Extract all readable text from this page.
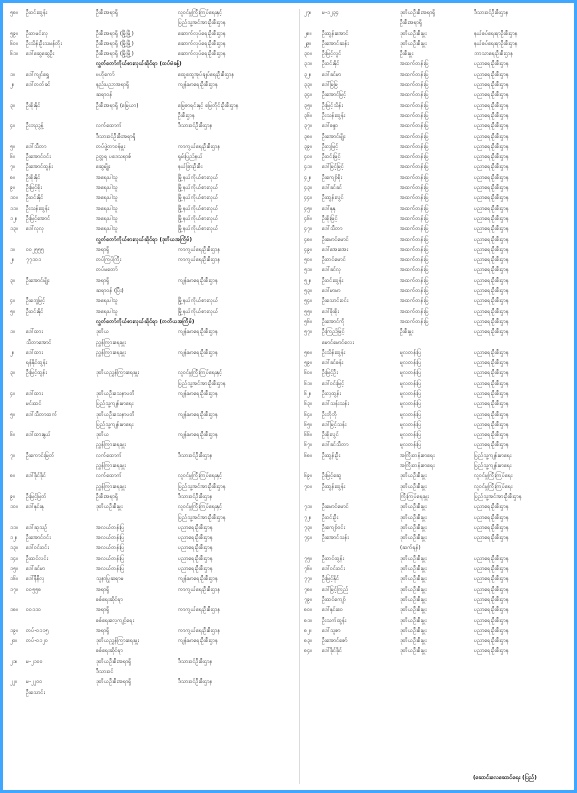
၅၈။	ဦးဝင်းထွန်း	ဦးစီးအရာရှိ	လူဝင်မှုကြီးကြပ်ရေးနှင့်
ပြည်သူ့အင်အားဦးစီးဌာန
၅၉။	ဦးတမင်းလှ	ဦးစီးအရာရှိ (မြို့မြို့)	ဆောက်လုပ်ရေးဦးစီးဌာန
၆၀။	ဦးသိန်းဦးသမန်တိုး	ဦးစီးအရာရှိ (မြို့မြို့)	ဆောက်လုပ်ရေးဦးစီးဌာန
၆၁။	ဒေါ်ဆွေဆွေဦး	ဦးစီးအရာရှိ (မြို့မြို့)	ဆောက်လုပ်ရေးဦးစီးဌာန
လွှတ်တော်ကိုယ်စားလှယ်ဆိုင်ရာ (ထပ်မံခန့်)
၁။	ဒေါ်ကျင်ရွှေ	ဗဟိုကော်	ထွေထွေအုပ်ချုပ်ရေးဦးစီးဌာန
၂။	ဒေါ်တတ်ခင်	နည်းပညာအရာရှိ	ကျန်းမာရေးဦးစီးဌာန
ဆရာဝန်
၃။	ဦးစိုးနိုင်	ဦးစီးအရာရှိ (မြေယာ)	မြေစာရင်းနှင့် မြေတိုင်းဦးစီးဌာန
ဦးစီးဌာန
၄။	ဦးဘညွန့်	လက်ထောက်	ဒီသားဝင်ဦးစီးဌာန
ဒီသားဝင်ဦးစီးအရာရှိ
၅။	ဒေါ်သီတာ	တပ်ဖွဲ့တာဝန်မှူး	ကာကွယ်ရေးဦးစီးဌာန
၆။	ဦးအောင်ဝင်း	ဥတ္တရ ပဒေသရာဇ်	ရှမ်းပြည်နယ်
၇။	ဦးအောင်ထွန်း	ဆွေမျိုး	နယ်ခြားဦးစီး
၈။	ဦးစိုးနိုင်	အရေးပါသူ	မြို့နယ်ကိုယ်စားလှယ်
၉။	ဦးမြင့်စိုး	အရေးပါသူ	မြို့နယ်ကိုယ်စားလှယ်
၁၀။	ဦးဝင်းနိုင်	အရေးပါသူ	မြို့နယ်ကိုယ်စားလှယ်
၁၁။	ဦးသန်းထွန်း	အရေးပါသူ	မြို့နယ်ကိုယ်စားလှယ်
၁၂။	ဦးမြင့်အောင်	အရေးပါသူ	မြို့နယ်ကိုယ်စားလှယ်
၁၃။	ဒေါ်လှလှ	အရေးပါသူ	မြို့နယ်ကိုယ်စားလှယ်
လွှတ်တော်ကိုယ်စားလှယ်ဆိုင်ရာ (ဒုတိယအကြိမ်)
၁။	၀၀၂၅၅၅	အရာရှိ	ကာကွယ်ရေးဦးစီးဌာန
၂။	၇၇၁၀၁	တပ်ကြပ်ကြီး	ကာကွယ်ရေးဦးစီးဌာန
တပ်မတော်
၃။	ဦးအောင်မျိုး	အရာရှိ	ကျန်းမာရေးဦးစီးဌာန
ဆရာဝန် (ပြီး)
၄။	ဦးဘွေမြင့်	အရေးပါသူ	မြို့နယ်ကိုယ်စားလှယ်
၅။	ဦးဝင်းနိုင်	အရေးပါသူ	မြို့နယ်ကိုယ်စားလှယ်
လွှတ်တော်ကိုယ်စားလှယ်ဆိုင်ရာ (တတိယအကြိမ်)
၁။	ဒေါ်ထား	ဒုတိယ	ကျန်းမာရေးဦးစီးဌာန
သီတာအောင်	ညွှန်ကြားရေးမှူး
၂။	ဒေါ်ထား	ညွှန်ကြားရေးမှူး	ကျန်းမာရေးဦးစီးဌာန
ရန်နိုင်ထွန်း
၃။	ဦးမြင့်ထွန်း	ဒုတိယညွှန်ကြားရေးမှူး	လူဝင်မှုကြီးကြပ်ရေးနှင့်
ပြည်သူ့အင်အားဦးစီးဌာန
၄။	ဒေါ်ထား	ဒုတိယဦးသေနာပတိ	ကျန်းမာရေးဦးစီးဌာန
မင်းထင်	ပြည်သူ့ကျန်းမာရေး
၅။	ဒေါ်သီတာထက်	ဒုတိယဦးသေနာပတိ	ကျန်းမာရေးဦးစီးဌာန
ပြည်သူ့ကျန်းမာရေး
၆။	ဒေါ်ထားနွယ်	ဒုတိယ	ကျန်းမာရေးဦးစီးဌာန
ညွှန်ကြားရေးမှူး
၇။	ဦးကောင်းမြတ်	လက်ထောက်	ဒီသားဝင်ဦးစီးဌာန
ညွှန်ကြားရေးမှူး
၈။	ဒေါ်ခိုင်ခိုင်	လက်ထောက်	လူဝင်မှုကြီးကြပ်ရေးနှင့်
ညွှန်ကြားရေးမှူး	ပြည်သူ့အင်အားဦးစီးဌာန
၉။	ဦးမြင့်မြတ်	ဦးစီးအရာရှိ	ဒီသားဝင်ဦးစီးဌာန
၁၀။	ဒေါ်နှင်းနု	ဒုတိယဦးစီးမှူး	လူဝင်မှုကြီးကြပ်ရေးနှင့်
ပြည်သူ့အင်အားဦးစီးဌာန
၁၁။	ဒေါ်ဆုသဥ်	အလယ်တန်းပြ	ပညာရေးဦးစီးဌာန
၁၂။	ဦးအောင်ဝင်း	အလယ်တန်းပြ	ပညာရေးဦးစီးဌာန
၁၃။	ဒေါ်ဝင်းဝင်း	အလယ်တန်းပြ	ပညာရေးဦးစီးဌာန
၁၄။	ဦးထင်လင်း	အလယ်တန်းပြ	ပညာရေးဦးစီးဌာန
၁၅။	ဒေါ်ခင်မာ	အလယ်တန်းပြ	ပညာရေးဦးစီးဌာန
၁၆။	ဒေါ်နီနီလှ	သူနာပြုဆရာမ	ကျန်းမာရေးဦးစီးဌာန
၁၇။	၀၀၅၅၈	အရာရှိ	ကာကွယ်ရေးဦးစီးဌာန
စစ်ရေးဆိုင်ရာ
၁၈။	၀၀၁၁၀	အရာရှိ	ကာကွယ်ရေးဦးစီးဌာန
စစ်ရေးလေ့ကျင့်ရေး
၁၉။	တပ်-၀၁၁၅	အရာရှိ	ကာကွယ်ရေးဦးစီးဌာန
၂၀။	တပ်-၀၁၂၀	ဒုတိယညွှန်ကြားရေးမှူး	ကျန်းမာရေးဦးစီးဌာန
စစ်ရေးဆိုင်ရာ
၂၁။	မ-၂၁၀၀	ဒုတိယဦးစီးအရာရှိ	ဒီသားဝင်ဦးစီးဌာန
ဒီသားဝင်
၂၂။	မ-၂၂၀၀	ဒုတိယဦးစီးအရာရှိ	ဒီသားဝင်ဦးစီးဌာန
ဦးသောင်း
၂၇။	မ-၁၂၃၄	ဒုတိယဦးစီးအရာရှိ	ဒီသားဝင်ဦးစီးဌာန
ဦးစီးအရာရှိ
၂၈။	ဦးထွန်းအောင်	ဒုတိယဦးစီးမှူး	နယ်စပ်ရေးရာဦးစီးဌာန
၂၉။	ဦးအောင်ဆန်း	ဒုတိယဦးစီးမှူး	နယ်စပ်ရေးရာဦးစီးဌာန
၃၀။	ဦးမြင့်လွင်	ဦးစီးမှူး	ဘာသာရေးဦးစီးဌာန
၃၁။	ဦးဝင်းနိုင်	အထက်တန်းပြ	ပညာရေးဦးစီးဌာန
၃၂။	ဒေါ်ခင်မာ	အထက်တန်းပြ	ပညာရေးဦးစီးဌာန
၃၃။	ဒေါ်မြမြ	အထက်တန်းပြ	ပညာရေးဦးစီးဌာန
၃၄။	ဦးအောင်မြင့်	အထက်တန်းပြ	ပညာရေးဦးစီးဌာန
၃၅။	ဦးမြင့်သိန်း	အထက်တန်းပြ	ပညာရေးဦးစီးဌာန
၃၆။	ဦးသန်းထွန်း	အထက်တန်းပြ	ပညာရေးဦးစီးဌာန
၃၇။	ဒေါ်စန္ဒာ	အထက်တန်းပြ	ပညာရေးဦးစီးဌာန
၃၈။	ဦးအောင်မျိုး	အထက်တန်းပြ	ပညာရေးဦးစီးဌာန
၃၉။	ဦးလှမြင့်	အထက်တန်းပြ	ပညာရေးဦးစီးဌာန
၄၀။	ဦးဝင်းမြင့်	အထက်တန်းပြ	ပညာရေးဦးစီးဌာန
၄၁။	ဒေါ်မြင့်မြင့်	အထက်တန်းပြ	ပညာရေးဦးစီးဌာန
၄၂။	ဦးကျော်စိုး	အထက်တန်းပြ	ပညာရေးဦးစီးဌာန
၄၃။	ဒေါ်ခင်ခင်	အထက်တန်းပြ	ပညာရေးဦးစီးဌာန
၄၄။	ဦးထွန်းလွင်	အထက်တန်းပြ	ပညာရေးဦးစီးဌာန
၄၅။	ဒေါ်နုနု	အထက်တန်းပြ	ပညာရေးဦးစီးဌာန
၄၆။	ဦးစိုးမြင့်	အထက်တန်းပြ	ပညာရေးဦးစီးဌာန
၄၇။	ဒေါ်သီတာ	အထက်တန်းပြ	ပညာရေးဦးစီးဌာန
၄၈။	ဦးမောင်မောင်	အထက်တန်းပြ	ပညာရေးဦးစီးဌာန
၄၉။	ဒေါ်အေးအေး	အထက်တန်းပြ	ပညာရေးဦးစီးဌာန
၅၀။	ဦးတင်မောင်	အထက်တန်းပြ	ပညာရေးဦးစီးဌာန
၅၁။	ဒေါ်ခင်လှ	အထက်တန်းပြ	ပညာရေးဦးစီးဌာန
၅၂။	ဦးဝင်းထွန်း	အထက်တန်းပြ	ပညာရေးဦးစီးဌာန
၅၃။	ဒေါ်မာမာ	အထက်တန်းပြ	ပညာရေးဦးစီးဌာန
၅၄။	ဦးသောင်းဝင်း	အထက်တန်းပြ	ပညာရေးဦးစီးဌာန
၅၅။	ဒေါ်စိုးစိုး	အထက်တန်းပြ	ပညာရေးဦးစီးဌာန
၅၆။	ဦးအောင်ကို	အထက်တန်းပြ	ပညာရေးဦးစီးဌာန
၅၇။	ဦးကြည်မြင့်	ဦးစီးမှူး	ပညာရေးဦးစီးဌာန
မောင်မောင်လေး
၅၈။	ဦးသိန်းထွန်း	မူလတန်းပြ	ပညာရေးဦးစီးဌာန
၅၉။	ဒေါ်ခင်စန်း	မူလတန်းပြ	ပညာရေးဦးစီးဌာန
၆၀။	ဦးမြင့်ဦး	မူလတန်းပြ	ပညာရေးဦးစီးဌာန
၆၁။	ဒေါ်ဝင်းမြင့်	မူလတန်းပြ	ပညာရေးဦးစီးဌာန
၆၂။	ဦးလှထွန်း	မူလတန်းပြ	ပညာရေးဦးစီးဌာန
၆၃။	ဒေါ်သန်းသန်း	မူလတန်းပြ	ပညာရေးဦးစီးဌာန
၆၄။	ဦးဘိုဘို	မူလတန်းပြ	ပညာရေးဦးစီးဌာန
၆၅။	ဒေါ်မြင့်သန်း	မူလတန်းပြ	ပညာရေးဦးစီးဌာန
၆၆။	ဦးစိုးလွင်	မူလတန်းပြ	ပညာရေးဦးစီးဌာန
၆၇။	ဒေါ်ခင်သီတာ	မူလတန်းပြ	ပညာရေးဦးစီးဌာန
၆၈။	ဦးထွန်းဦး	အကြီးတန်းစာရေး	ပြည်သူ့ကျန်းမာရေး
အကြီးတန်းစာရေး	ပြည်သူ့ကျန်းမာရေး
၆၉။	ဦးမြင့်ဆွေ	ဒုတိယဦးစီးမှူး	လူဝင်မှုကြီးကြပ်ရေး
၇၀။	ဦးထွန်းထွန်း	ဒုတိယဦးစီးမှူး	လူဝင်မှုကြီးကြပ်ရေး
ကြီးကြပ်ရေးမှူး	ပြည်သူ့အင်အားဦးစီးဌာန
၇၁။	ဦးမောင်မောင်	ဒုတိယဦးစီးမှူး	ပညာရေးဦးစီးဌာန
၇၂။	ဦးဝင်းဦး	ဒုတိယဦးစီးမှူး	ပညာရေးဦးစီးဌာန
၇၃။	ဦးကျော်ဝင်း	ဒုတိယဦးစီးမှူး	ပညာရေးဦးစီးဌာန
၇၄။	ဦးအောင်သန်း	ဒုတိယဦးစီးမှူး	ပညာရေးဦးစီးဌာန
(ဆက်ရန်)
၇၅။	ဦးတင်ထွန်း	ဒုတိယဦးစီးမှူး	ပညာရေးဦးစီးဌာန
၇၆။	ဒေါ်ဝင်းဝင်း	ဒုတိယဦးစီးမှူး	ပညာရေးဦးစီးဌာန
၇၇။	ဦးမြင့်နိုင်	ဒုတိယဦးစီးမှူး	ပညာရေးဦးစီးဌာန
၇၈။	ဒေါ်မြင့်ကြည်	ဒုတိယဦးစီးမှူး	ပညာရေးဦးစီးဌာန
၇၉။	ဦးထင်ကျော်	ဒုတိယဦးစီးမှူး	ပညာရေးဦးစီးဌာန
၈၀။	ဒေါ်နှင်းဝေ	ဒုတိယဦးစီးမှူး	ပညာရေးဦးစီးဌာန
၈၁။	ဦးသက်ထွန်း	ဒုတိယဦးစီးမှူး	ပညာရေးဦးစီးဌာန
၈၂။	ဒေါ်သူဇာ	ဒုတိယဦးစီးမှူး	ပညာရေးဦးစီးဌာန
၈၃။	ဦးအောင်ဇော်	ဒုတိယဦးစီးမှူး	ပညာရေးဦးစီးဌာန
၈၄။	ဒေါ်ခိုင်ခိုင်	ဒုတိယဦးစီးမှူး	ပညာရေးဦးစီးဌာန
(ဆောင်းလေဆောင်ရေး (ပြည်)
